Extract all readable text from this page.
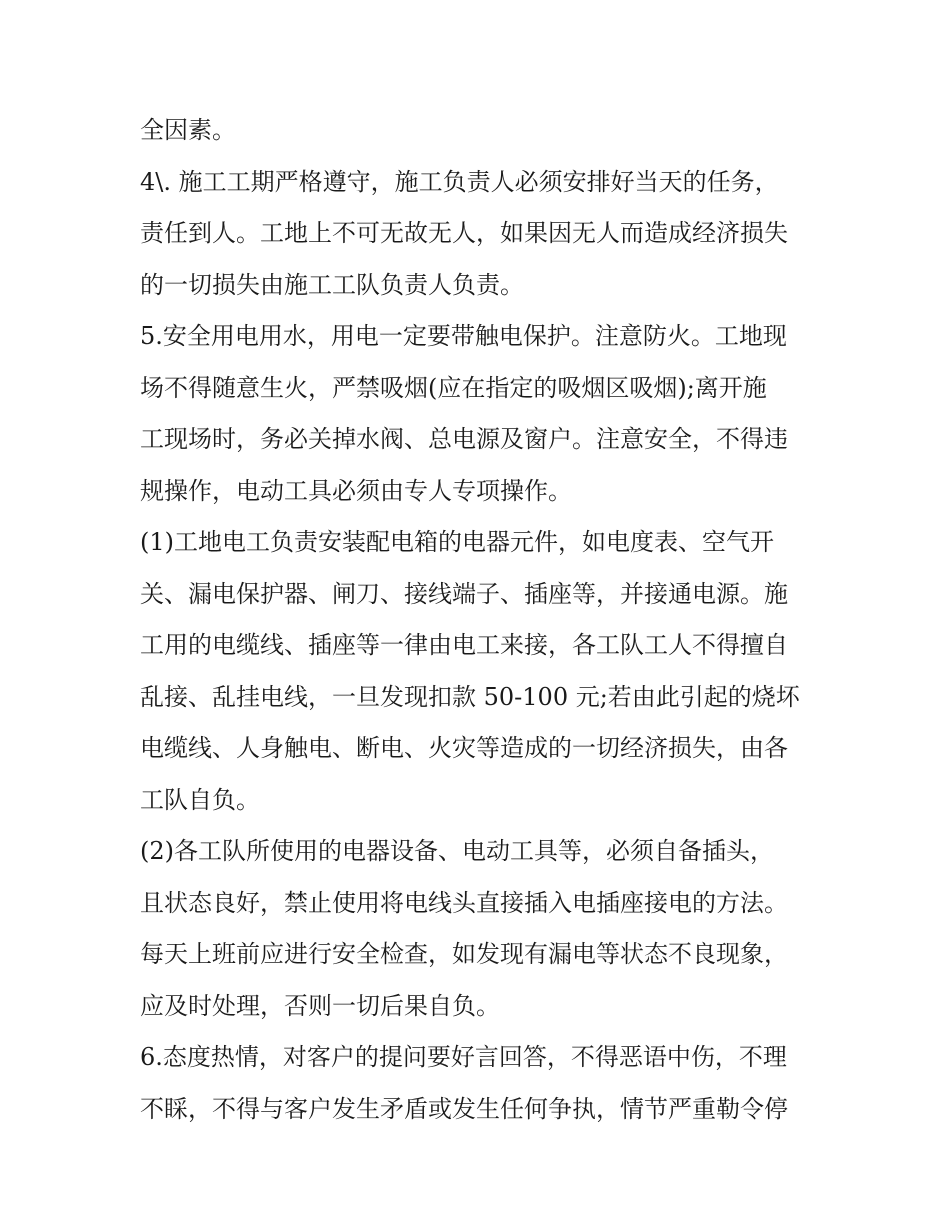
全因素。
4\. 施工工期严格遵守，施工负责人必须安排好当天的任务，
责任到人。工地上不可无故无人，如果因无人而造成经济损失
的一切损失由施工工队负责人负责。
5.安全用电用水，用电一定要带触电保护。注意防火。工地现
场不得随意生火，严禁吸烟(应在指定的吸烟区吸烟);离开施
工现场时，务必关掉水阀、总电源及窗户。注意安全，不得违
规操作，电动工具必须由专人专项操作。
(1)工地电工负责安装配电箱的电器元件，如电度表、空气开
关、漏电保护器、闸刀、接线端子、插座等，并接通电源。施
工用的电缆线、插座等一律由电工来接，各工队工人不得擅自
乱接、乱挂电线，一旦发现扣款 50-100 元;若由此引起的烧坏
电缆线、人身触电、断电、火灾等造成的一切经济损失，由各
工队自负。
(2)各工队所使用的电器设备、电动工具等，必须自备插头，
且状态良好，禁止使用将电线头直接插入电插座接电的方法。
每天上班前应进行安全检查，如发现有漏电等状态不良现象，
应及时处理，否则一切后果自负。
6.态度热情，对客户的提问要好言回答，不得恶语中伤，不理
不睬，不得与客户发生矛盾或发生任何争执，情节严重勒令停
